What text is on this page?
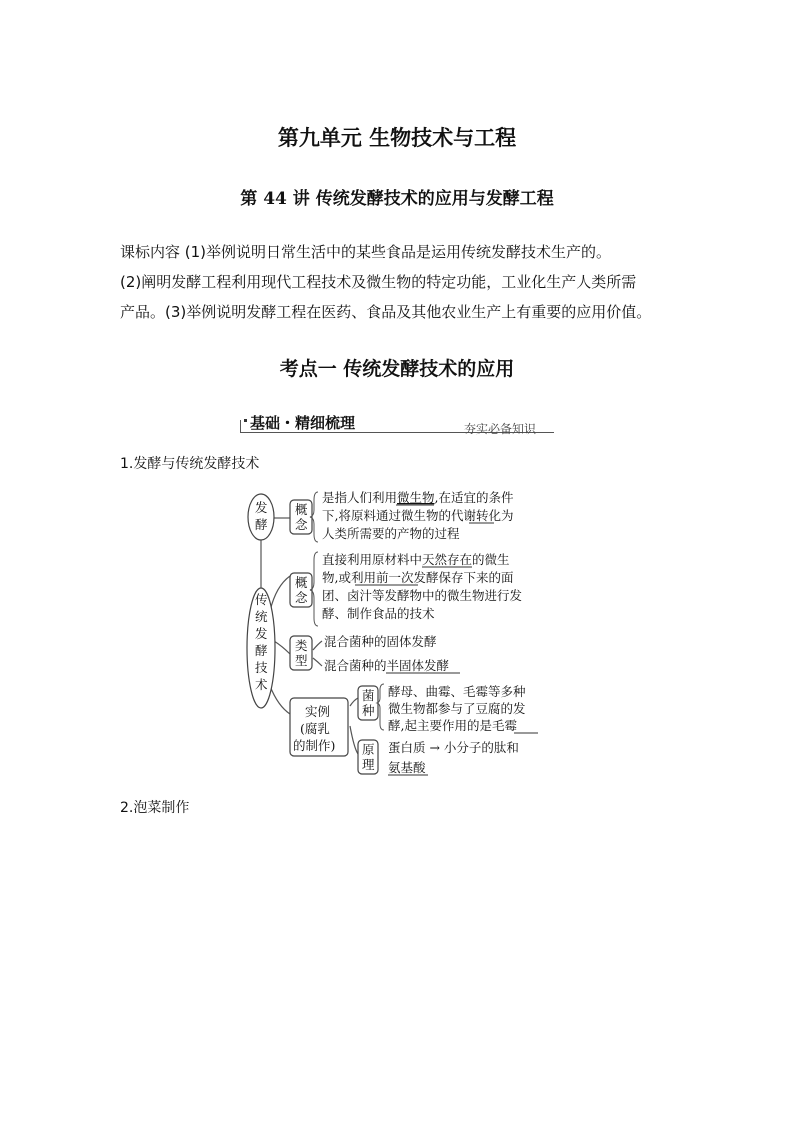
第九单元 生物技术与工程
第 44 讲 传统发酵技术的应用与发酵工程
课标内容 (1)举例说明日常生活中的某些食品是运用传统发酵技术生产的。
(2)阐明发酵工程利用现代工程技术及微生物的特定功能，工业化生产人类所需
产品。(3)举例说明发酵工程在医药、食品及其他农业生产上有重要的应用价值。
考点一 传统发酵技术的应用
基础・精细梳理	夯实必备知识
1.发酵与传统发酵技术
发
酵
概
念
是指人们利用微生物,在适宜的条件
下,将原料通过微生物的代谢转化为
人类所需要的产物的过程
传
统
发
酵
技
术
概
念
直接利用原材料中天然存在的微生
物,或利用前一次发酵保存下来的面
团、卤汁等发酵物中的微生物进行发
酵、制作食品的技术
类
型
混合菌种的固体发酵
混合菌种的半固体发酵
实例
(腐乳
的制作)
菌
种
酵母、曲霉、毛霉等多种
微生物都参与了豆腐的发
酵,起主要作用的是毛霉
原
理
蛋白质 → 小分子的肽和
氨基酸
2.泡菜制作
